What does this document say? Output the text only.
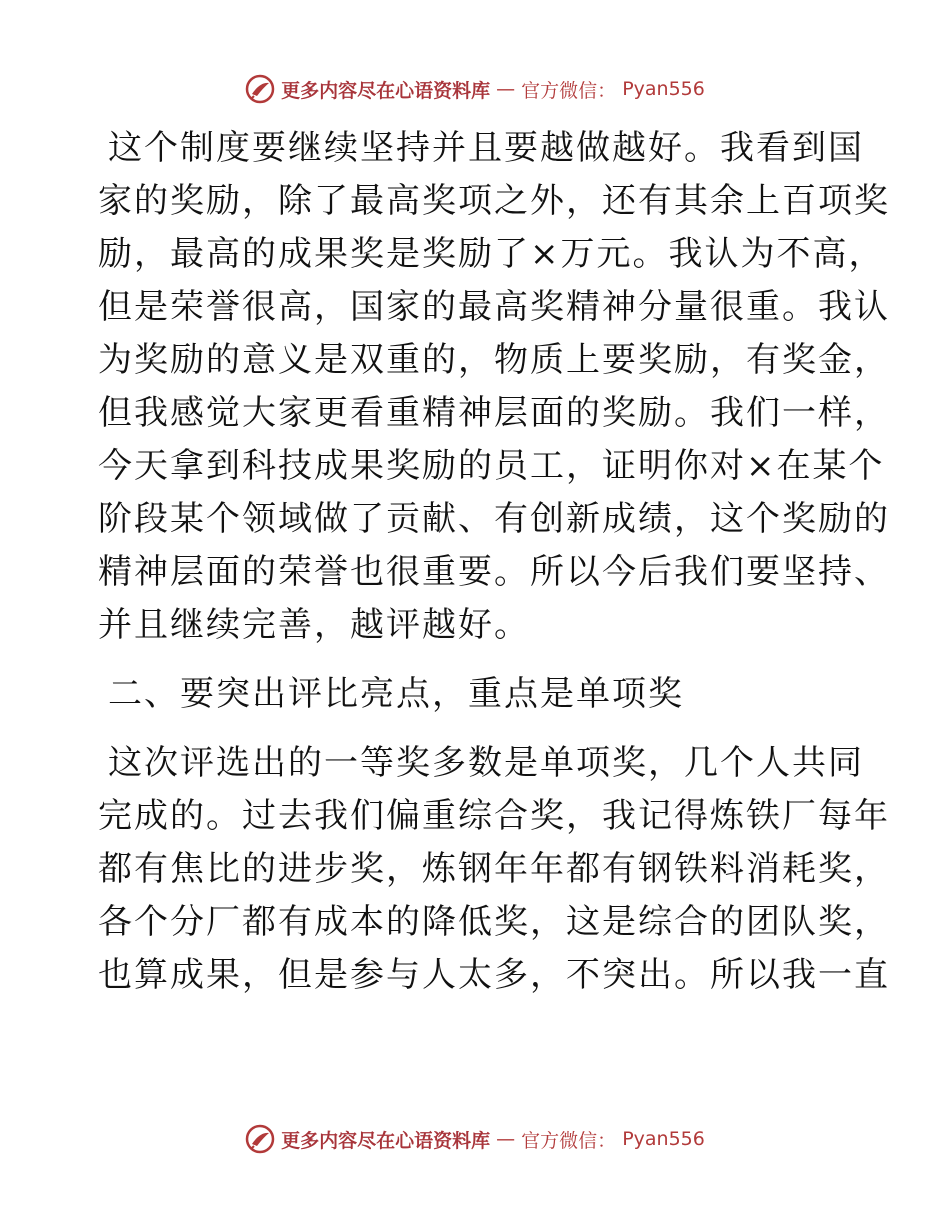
更多内容尽在心语资料库 — 官方微信： Pyan556
这个制度要继续坚持并且要越做越好。我看到国
家的奖励，除了最高奖项之外，还有其余上百项奖
励，最高的成果奖是奖励了×万元。我认为不高，
但是荣誉很高，国家的最高奖精神分量很重。我认
为奖励的意义是双重的，物质上要奖励，有奖金，
但我感觉大家更看重精神层面的奖励。我们一样，
今天拿到科技成果奖励的员工，证明你对×在某个
阶段某个领域做了贡献、有创新成绩，这个奖励的
精神层面的荣誉也很重要。所以今后我们要坚持、
并且继续完善，越评越好。
二、要突出评比亮点，重点是单项奖
这次评选出的一等奖多数是单项奖，几个人共同
完成的。过去我们偏重综合奖，我记得炼铁厂每年
都有焦比的进步奖，炼钢年年都有钢铁料消耗奖，
各个分厂都有成本的降低奖，这是综合的团队奖，
也算成果，但是参与人太多，不突出。所以我一直
更多内容尽在心语资料库 — 官方微信： Pyan556
